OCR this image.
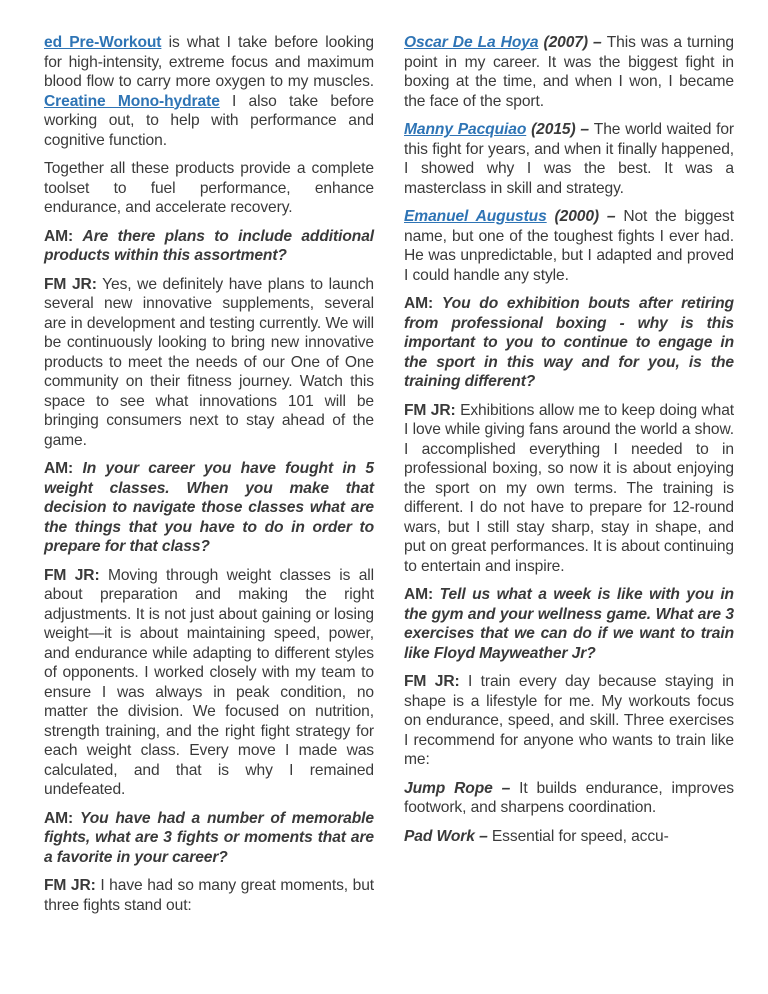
ed Pre-Workout is what I take before looking for high-intensity, extreme focus and maximum blood flow to carry more oxygen to my muscles. Creatine Mono-hydrate I also take before working out, to help with performance and cognitive function.

Together all these products provide a complete toolset to fuel performance, enhance endurance, and accelerate recovery.

AM: Are there plans to include additional products within this assortment?

FM JR: Yes, we definitely have plans to launch several new innovative supplements, several are in development and testing currently. We will be continuously looking to bring new innovative products to meet the needs of our One of One community on their fitness journey. Watch this space to see what innovations 101 will be bringing consumers next to stay ahead of the game.

AM: In your career you have fought in 5 weight classes. When you make that decision to navigate those classes what are the things that you have to do in order to prepare for that class?

FM JR: Moving through weight classes is all about preparation and making the right adjustments. It is not just about gaining or losing weight—it is about maintaining speed, power, and endurance while adapting to different styles of opponents. I worked closely with my team to ensure I was always in peak condition, no matter the division. We focused on nutrition, strength training, and the right fight strategy for each weight class. Every move I made was calculated, and that is why I remained undefeated.

AM: You have had a number of memorable fights, what are 3 fights or moments that are a favorite in your career?

FM JR: I have had so many great moments, but three fights stand out:

Oscar De La Hoya (2007) – This was a turning point in my career. It was the biggest fight in boxing at the time, and when I won, I became the face of the sport.

Manny Pacquiao (2015) – The world waited for this fight for years, and when it finally happened, I showed why I was the best. It was a masterclass in skill and strategy.

Emanuel Augustus (2000) – Not the biggest name, but one of the toughest fights I ever had. He was unpredictable, but I adapted and proved I could handle any style.

AM: You do exhibition bouts after retiring from professional boxing - why is this important to you to continue to engage in the sport in this way and for you, is the training different?

FM JR: Exhibitions allow me to keep doing what I love while giving fans around the world a show. I accomplished everything I needed to in professional boxing, so now it is about enjoying the sport on my own terms. The training is different. I do not have to prepare for 12-round wars, but I still stay sharp, stay in shape, and put on great performances. It is about continuing to entertain and inspire.

AM: Tell us what a week is like with you in the gym and your wellness game. What are 3 exercises that we can do if we want to train like Floyd Mayweather Jr?

FM JR: I train every day because staying in shape is a lifestyle for me. My workouts focus on endurance, speed, and skill. Three exercises I recommend for anyone who wants to train like me:

Jump Rope – It builds endurance, improves footwork, and sharpens coordination.

Pad Work – Essential for speed, accu-
